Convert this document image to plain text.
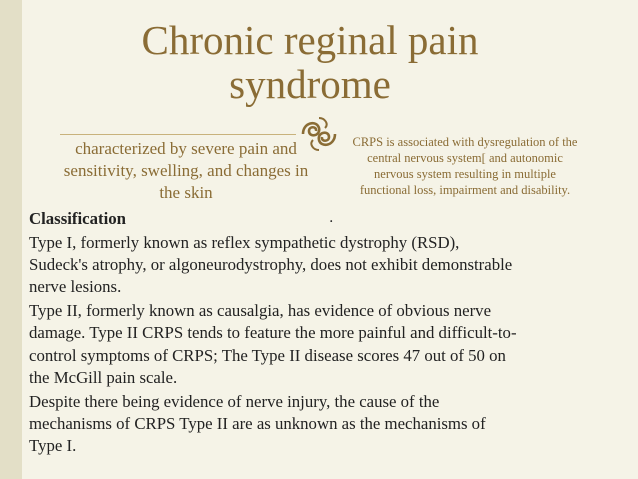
Chronic reginal pain syndrome
characterized by severe pain and sensitivity, swelling, and changes in the skin
CRPS is associated with dysregulation of the central nervous system[ and autonomic nervous system resulting in multiple functional loss, impairment and disability.
.

Classification

Type I, formerly known as reflex sympathetic dystrophy (RSD), Sudeck's atrophy, or algoneurodystrophy, does not exhibit demonstrable nerve lesions.

Type II, formerly known as causalgia, has evidence of obvious nerve damage. Type II CRPS tends to feature the more painful and difficult-to-control symptoms of CRPS; The Type II disease scores 47 out of 50 on the McGill pain scale.

Despite there being evidence of nerve injury, the cause of the mechanisms of CRPS Type II are as unknown as the mechanisms of Type I.
